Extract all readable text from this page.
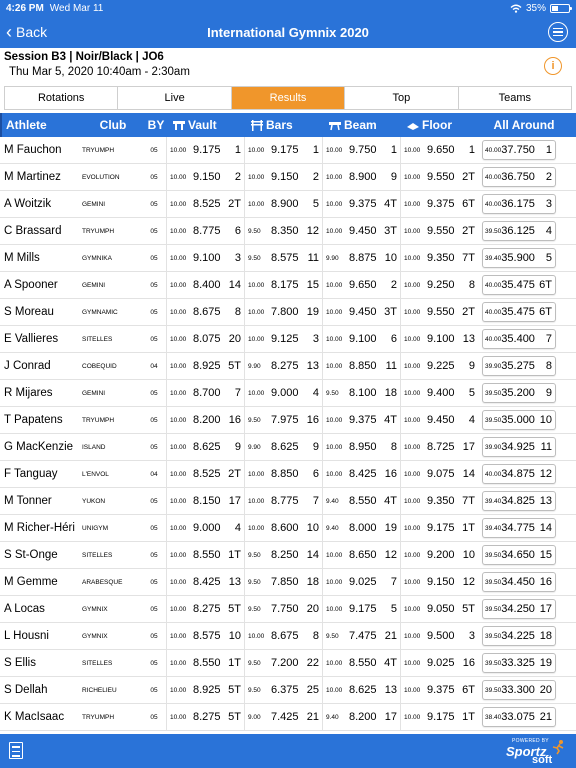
4:26 PM Wed Mar 11	35%
‹ Back	International Gymnix 2020
Session B3 | Noir/Black | JO6
Thu Mar 5, 2020 10:40am - 2:30am	i
Rotations	Live	Results	Top	Teams
Athlete	Club	BY	Vault	Bars	Beam	Floor	All Around
M Fauchon	TRYUMPH	05	10.00 9.175	1 10.00 9.175	1 10.00 9.750	1 10.00 9.650	1	40.00 37.750 1
M Martinez	EVOLUTION	05	10.00 9.150	2 10.00 9.150	2 10.00 8.900	9 10.00 9.550 2T	40.00 36.750 2
A Woitzik	GEMINI	05	10.00 8.525 2T 10.00 8.900	5 10.00 9.375 4T 10.00 9.375 6T	40.00 36.175 3
C Brassard	TRYUMPH	05	10.00 8.775	6 9.50 8.350 12 10.00 9.450 3T 10.00 9.550 2T	39.50 36.125 4
M Mills	GYMNIKA	05	10.00 9.100	3 9.50 8.575 11 9.90 8.875 10 10.00 9.350 7T	39.40 35.900 5
A Spooner	GEMINI	05	10.00 8.400 14 10.00 8.175 15 10.00 9.650	2 10.00 9.250	8	40.00 35.475 6T
S Moreau	GYMNAMIC	05	10.00 8.675	8 10.00 7.800 19 10.00 9.450 3T 10.00 9.550 2T	40.00 35.475 6T
E Vallieres	SITELLES	05	10.00 8.075 20 10.00 9.125	3 10.00 9.100	6 10.00 9.100 13	40.00 35.400 7
J Conrad	COBEQUID	04	10.00 8.925 5T 9.90 8.275 13 10.00 8.850 11 10.00 9.225	9	39.90 35.275 8
R Mijares	GEMINI	05	10.00 8.700	7 10.00 9.000	4 9.50 8.100 18 10.00 9.400	5	39.50 35.200 9
T Papatens	TRYUMPH	05	10.00 8.200 16 9.50 7.975 16 10.00 9.375 4T 10.00 9.450	4	39.50 35.000 10
G MacKenzie	ISLAND	05	10.00 8.625	9 9.90 8.625	9 10.00 8.950	8 10.00 8.725 17	39.90 34.925 11
F Tanguay	L'ENVOL	04	10.00 8.525 2T 10.00 8.850	6 10.00 8.425 16 10.00 9.075 14	40.00 34.875 12
M Tonner	YUKON	05	10.00 8.150 17 10.00 8.775	7 9.40 8.550 4T 10.00 9.350 7T	39.40 34.825 13
M Richer-Héri	UNIGYM	05	10.00 9.000	4 10.00 8.600 10 9.40 8.000 19 10.00 9.175 1T	39.40 34.775 14
S St-Onge	SITELLES	05	10.00 8.550 1T 9.50 8.250 14 10.00 8.650 12 10.00 9.200 10	39.50 34.650 15
M Gemme	ARABESQUE	05	10.00 8.425 13 9.50 7.850 18 10.00 9.025	7 10.00 9.150 12	39.50 34.450 16
A Locas	GYMNIX	05	10.00 8.275 5T 9.50 7.750 20 10.00 9.175	5 10.00 9.050 5T	39.50 34.250 17
L Housni	GYMNIX	05	10.00 8.575 10 10.00 8.675	8 9.50 7.475 21 10.00 9.500	3	39.50 34.225 18
S Ellis	SITELLES	05	10.00 8.550 1T 9.50 7.200 22 10.00 8.550 4T 10.00 9.025 16	39.50 33.325 19
S Dellah	RICHELIEU	05	10.00 8.925 5T 9.50 6.375 25 10.00 8.625 13 10.00 9.375 6T	39.50 33.300 20
K MacIsaac	TRYUMPH	05	10.00 8.275 5T 9.00 7.425 21 9.40 8.200 17 10.00 9.175 1T	38.40 33.075 21
POWERED BY
Sportz
soft
